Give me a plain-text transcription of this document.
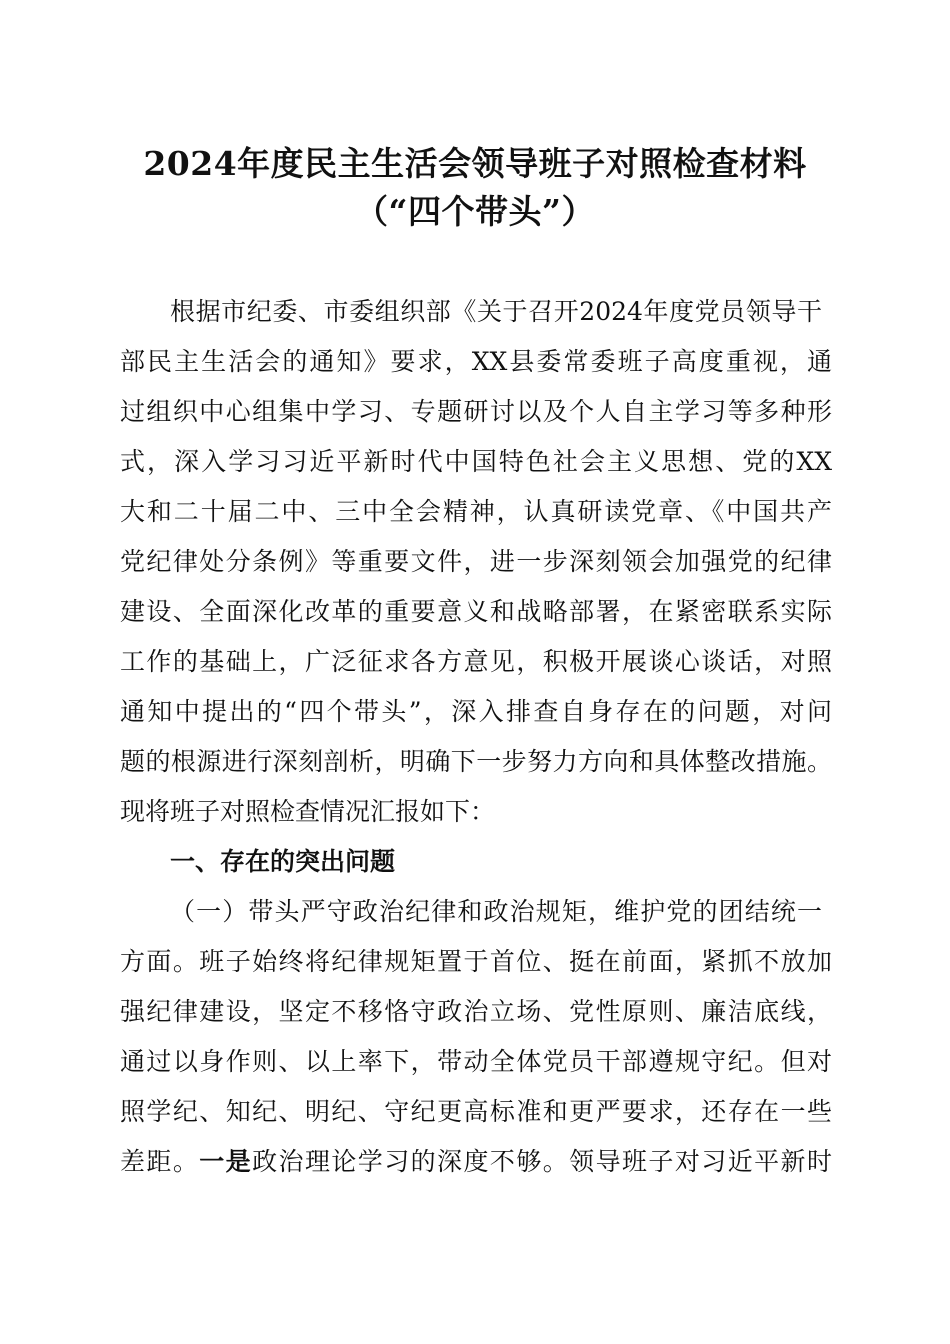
2024年度民主生活会领导班子对照检查材料
（“四个带头”）
根据市纪委、市委组织部《关于召开2024年度党员领导干
部民主生活会的通知》要求，XX县委常委班子高度重视，通
过组织中心组集中学习、专题研讨以及个人自主学习等多种形
式，深入学习习近平新时代中国特色社会主义思想、党的XX
大和二十届二中、三中全会精神，认真研读党章、《中国共产
党纪律处分条例》等重要文件，进一步深刻领会加强党的纪律
建设、全面深化改革的重要意义和战略部署，在紧密联系实际
工作的基础上，广泛征求各方意见，积极开展谈心谈话，对照
通知中提出的“四个带头”，深入排查自身存在的问题，对问
题的根源进行深刻剖析，明确下一步努力方向和具体整改措施。
现将班子对照检查情况汇报如下：
一、存在的突出问题
（一）带头严守政治纪律和政治规矩，维护党的团结统一
方面。班子始终将纪律规矩置于首位、挺在前面，紧抓不放加
强纪律建设，坚定不移恪守政治立场、党性原则、廉洁底线，
通过以身作则、以上率下，带动全体党员干部遵规守纪。但对
照学纪、知纪、明纪、守纪更高标准和更严要求，还存在一些
差距。一是政治理论学习的深度不够。领导班子对习近平新时
